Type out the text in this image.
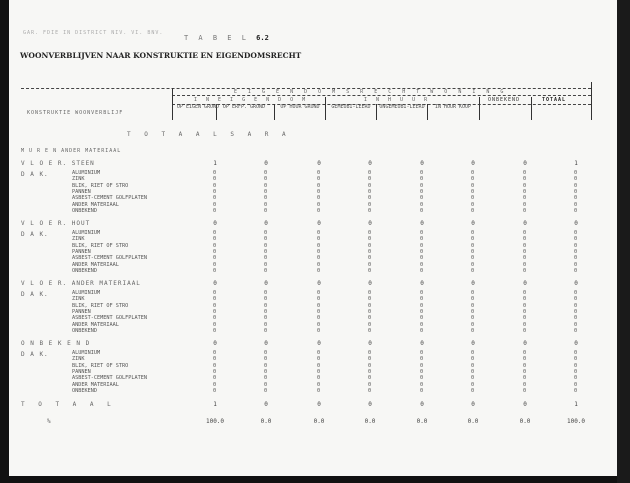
GAR. FDIE IN DISTRICT NIV. VI. BNV.
T A B E L 6.2
WOONVERBLIJVEN NAAR KONSTRUKTIE EN EIGENDOMSRECHT
KONSTRUKTIE WOONVERBLIJF
E I G E N D O M S R E C H T W O N I N G
I N E I G E N D O M	I N H U U R	ONBEKEND	TOTAAL
OP EIGEN GROND OP ERFP. GROND	OP HUUR GROND	GEMEUBI-LEERD	ONGEMEUBI-LEERD	IN HUUR KOOP
T O T A A L S A R A
M U R E N ANDER MATERIAAL
V L O E R. STEEN	1	0	0	0	0	0	0	1
D A K.	ALUMINIUM	0	0	0	0	0	0	0	0
ZINK	0	0	0	0	0	0	0	0
BLIK, RIET OF STRO	0	0	0	0	0	0	0	0
PANNEN	0	0	0	0	0	0	0	0
ASBEST-CEMENT GOLFPLATEN	0	0	0	0	0	0	0	0
ANDER MATERIAAL	0	0	0	0	0	0	0	0
ONBEKEND	0	0	0	0	0	0	0	0
V L O E R. HOUT	0	0	0	0	0	0	0	0
D A K.	ALUMINIUM	0	0	0	0	0	0	0	0
ZINK	0	0	0	0	0	0	0	0
BLIK, RIET OF STRO	0	0	0	0	0	0	0	0
PANNEN	0	0	0	0	0	0	0	0
ASBEST-CEMENT GOLFPLATEN	0	0	0	0	0	0	0	0
ANDER MATERIAAL	0	0	0	0	0	0	0	0
ONBEKEND	0	0	0	0	0	0	0	0
V L O E R. ANDER MATERIAAL	0	0	0	0	0	0	0	0
D A K.	ALUMINIUM	0	0	0	0	0	0	0	0
ZINK	0	0	0	0	0	0	0	0
BLIK, RIET OF STRO	0	0	0	0	0	0	0	0
PANNEN	0	0	0	0	0	0	0	0
ASBEST-CEMENT GOLFPLATEN	0	0	0	0	0	0	0	0
ANDER MATERIAAL	0	0	0	0	0	0	0	0
ONBEKEND	0	0	0	0	0	0	0	0
O N B E K E N D	0	0	0	0	0	0	0	0
D A K.	ALUMINIUM	0	0	0	0	0	0	0	0
ZINK	0	0	0	0	0	0	0	0
BLIK, RIET OF STRO	0	0	0	0	0	0	0	0
PANNEN	0	0	0	0	0	0	0	0
ASBEST-CEMENT GOLFPLATEN	0	0	0	0	0	0	0	0
ANDER MATERIAAL	0	0	0	0	0	0	0	0
ONBEKEND	0	0	0	0	0	0	0	0
T O T A A L	1	0	0	0	0	0	0	1
%	100.0	0.0	0.0	0.0	0.0	0.0	0.0	100.0
